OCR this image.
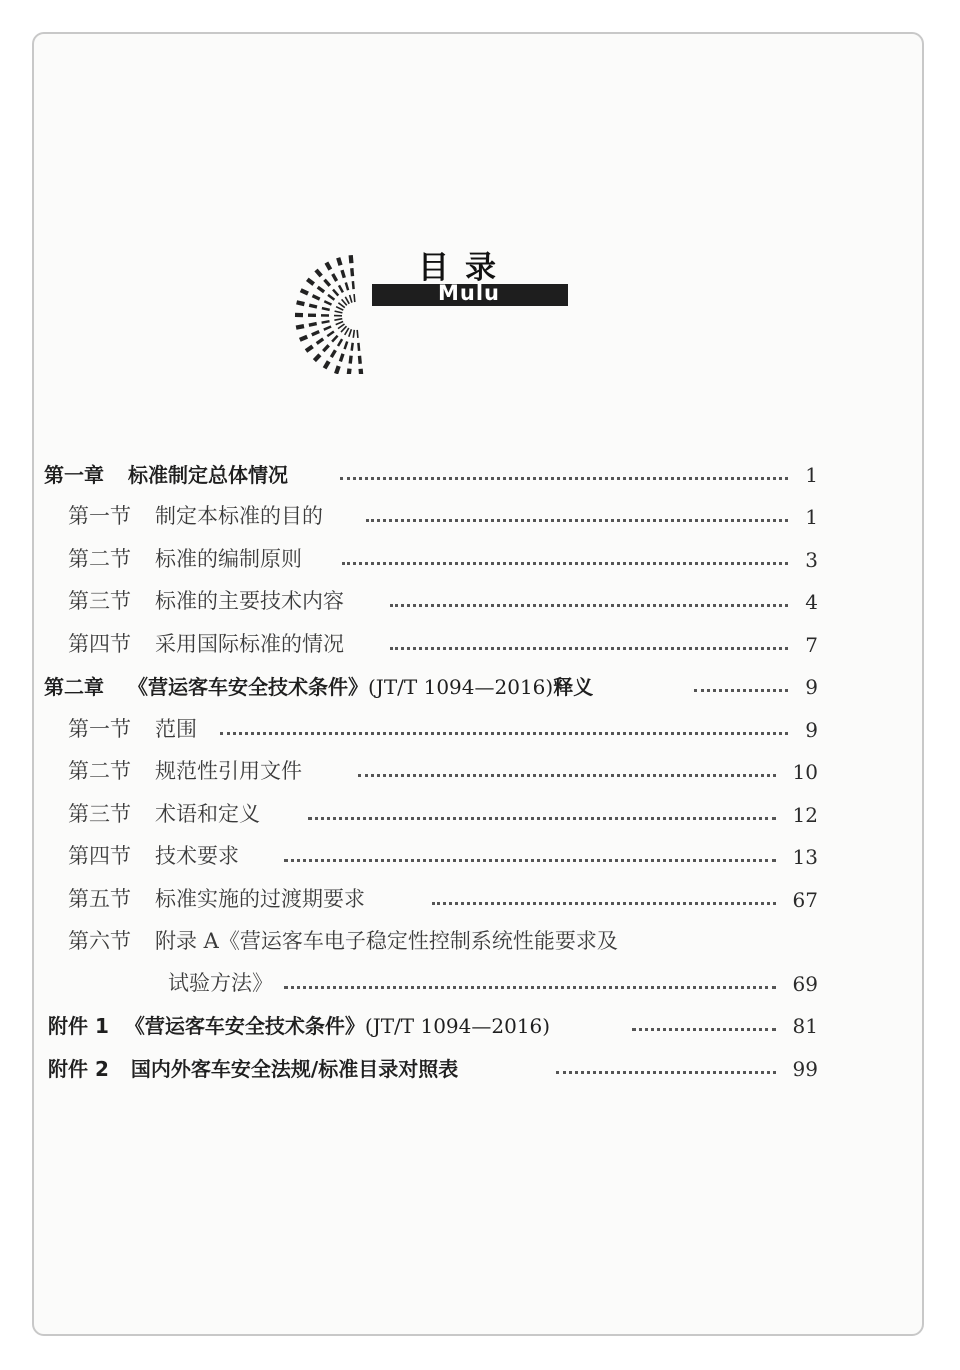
目录
Mulu
第一章 标准制定总体情况	1
第一节 制定本标准的目的	1
第二节 标准的编制原则	3
第三节 标准的主要技术内容	4
第四节 采用国际标准的情况	7
第二章 《营运客车安全技术条件》(JT/T 1094—2016)释义	9
第一节 范围	9
第二节 规范性引用文件	10
第三节 术语和定义	12
第四节 技术要求	13
第五节 标准实施的过渡期要求	67
第六节 附录 A《营运客车电子稳定性控制系统性能要求及
试验方法》	69
附件 1 《营运客车安全技术条件》(JT/T 1094—2016)	81
附件 2 国内外客车安全法规/标准目录对照表	99
